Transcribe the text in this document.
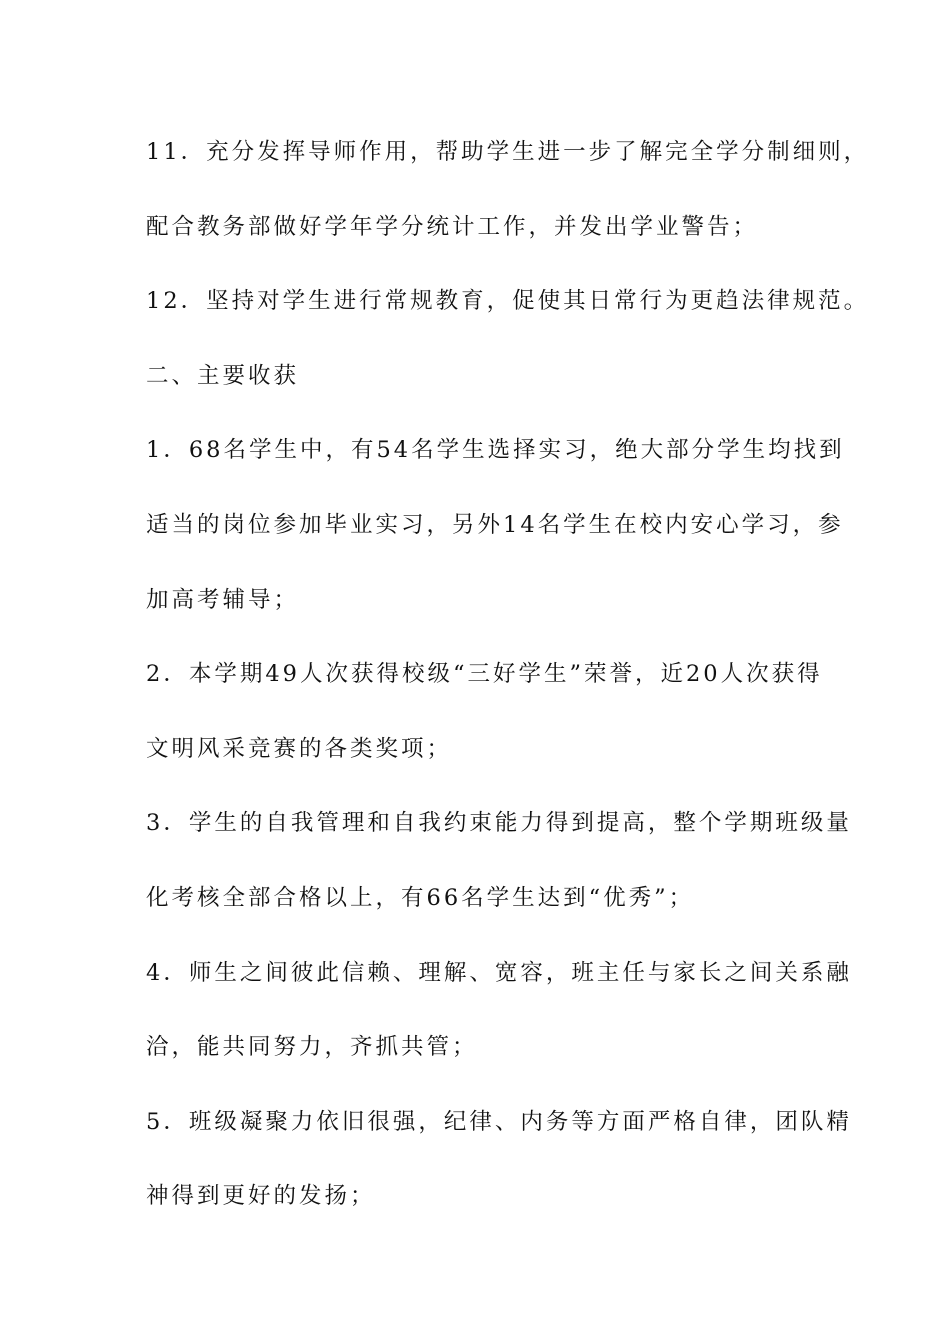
11．充分发挥导师作用，帮助学生进一步了解完全学分制细则，
配合教务部做好学年学分统计工作，并发出学业警告；
12．坚持对学生进行常规教育，促使其日常行为更趋法律规范。
二、主要收获
1．68名学生中，有54名学生选择实习，绝大部分学生均找到
适当的岗位参加毕业实习，另外14名学生在校内安心学习，参
加高考辅导；
2．本学期49人次获得校级“三好学生”荣誉，近20人次获得
文明风采竞赛的各类奖项；
3．学生的自我管理和自我约束能力得到提高，整个学期班级量
化考核全部合格以上，有66名学生达到“优秀”；
4．师生之间彼此信赖、理解、宽容，班主任与家长之间关系融
洽，能共同努力，齐抓共管；
5．班级凝聚力依旧很强，纪律、内务等方面严格自律，团队精
神得到更好的发扬；
